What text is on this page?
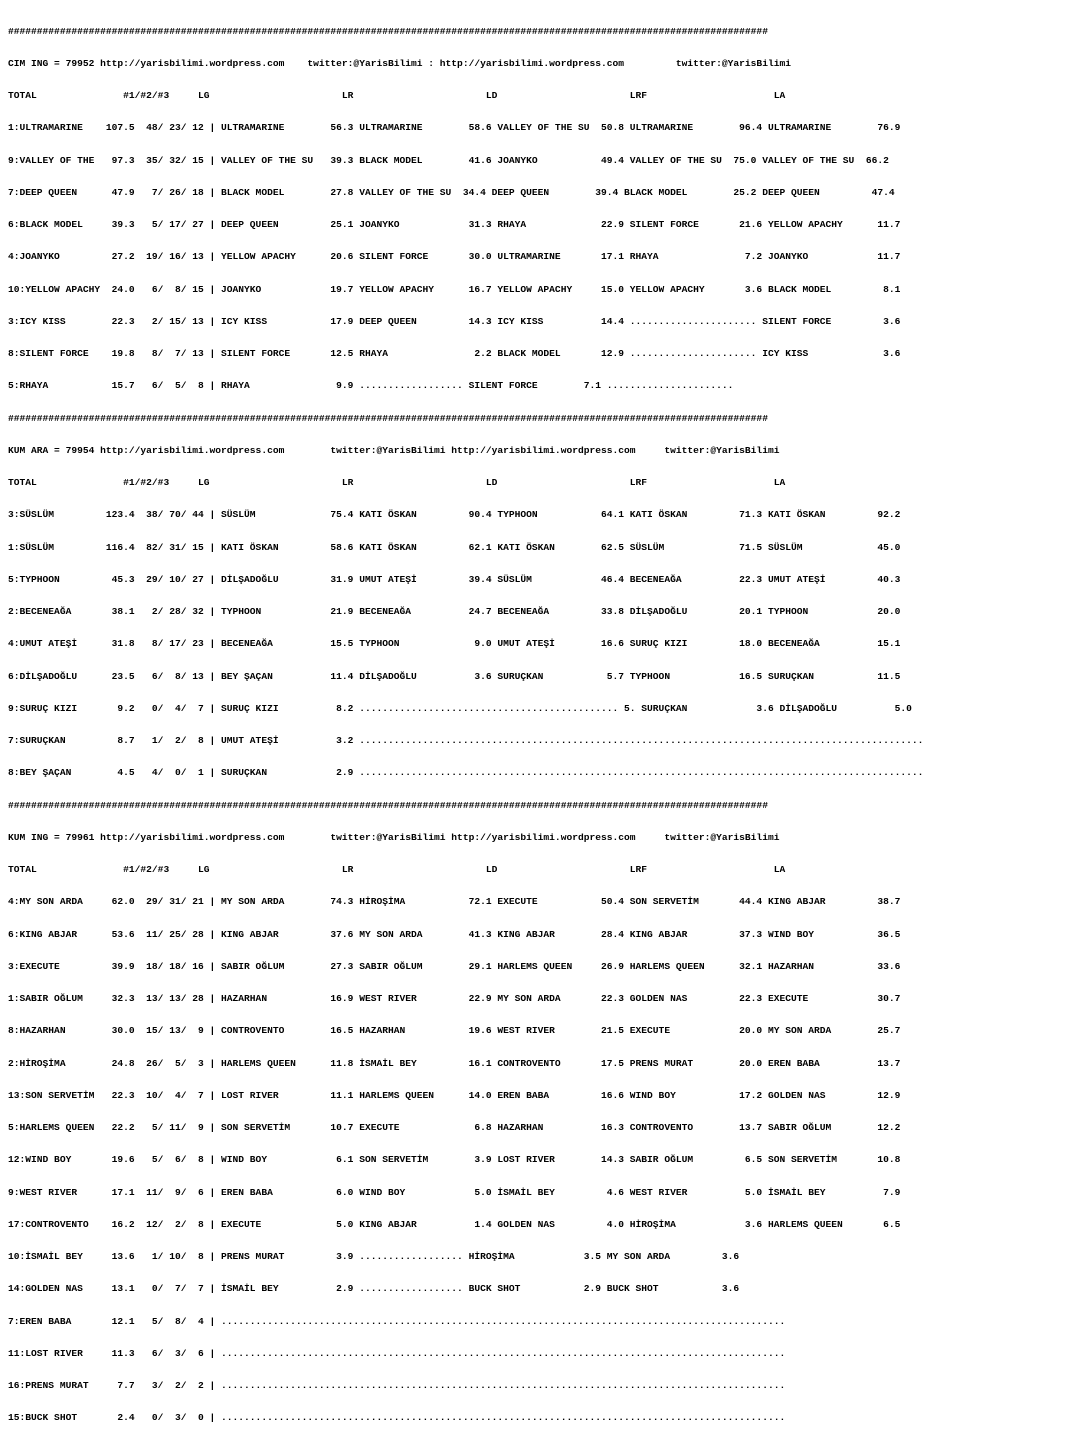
####################################################################################################################################

CIM ING = 79952 http://yarisbilimi.wordpress.com    twitter:@YarisBilimi : http://yarisbilimi.wordpress.com         twitter:@YarisBilimi

TOTAL               #1/#2/#3     LG                       LR                       LD                       LRF                      LA

1:ULTRAMARINE    107.5  48/ 23/ 12 | ULTRAMARINE        56.3 ULTRAMARINE        58.6 VALLEY OF THE SU  50.8 ULTRAMARINE        96.4 ULTRAMARINE        76.9

9:VALLEY OF THE   97.3  35/ 32/ 15 | VALLEY OF THE SU   39.3 BLACK MODEL        41.6 JOANYKO           49.4 VALLEY OF THE SU  75.0 VALLEY OF THE SU  66.2

7:DEEP QUEEN      47.9   7/ 26/ 18 | BLACK MODEL        27.8 VALLEY OF THE SU  34.4 DEEP QUEEN        39.4 BLACK MODEL        25.2 DEEP QUEEN         47.4

6:BLACK MODEL     39.3   5/ 17/ 27 | DEEP QUEEN         25.1 JOANYKO            31.3 RHAYA             22.9 SILENT FORCE       21.6 YELLOW APACHY      11.7

4:JOANYKO         27.2  19/ 16/ 13 | YELLOW APACHY      20.6 SILENT FORCE       30.0 ULTRAMARINE       17.1 RHAYA               7.2 JOANYKO            11.7

10:YELLOW APACHY  24.0   6/  8/ 15 | JOANYKO            19.7 YELLOW APACHY      16.7 YELLOW APACHY     15.0 YELLOW APACHY       3.6 BLACK MODEL         8.1

3:ICY KISS        22.3   2/ 15/ 13 | ICY KISS           17.9 DEEP QUEEN         14.3 ICY KISS          14.4 ...................... SILENT FORCE         3.6

8:SILENT FORCE    19.8   8/  7/ 13 | SILENT FORCE       12.5 RHAYA               2.2 BLACK MODEL       12.9 ...................... ICY KISS             3.6

5:RHAYA           15.7   6/  5/  8 | RHAYA               9.9 .................. SILENT FORCE        7.1 ......................

####################################################################################################################################

KUM ARA = 79954 http://yarisbilimi.wordpress.com        twitter:@YarisBilimi http://yarisbilimi.wordpress.com     twitter:@YarisBilimi

TOTAL               #1/#2/#3     LG                       LR                       LD                       LRF                      LA

3:SÜSLÜM         123.4  38/ 70/ 44 | SÜSLÜM             75.4 KATI ÖSKAN         90.4 TYPHOON           64.1 KATI ÖSKAN         71.3 KATI ÖSKAN         92.2

1:SÜSLÜM         116.4  82/ 31/ 15 | KATI ÖSKAN         58.6 KATI ÖSKAN         62.1 KATI ÖSKAN        62.5 SÜSLÜM             71.5 SÜSLÜM             45.0

5:TYPHOON         45.3  29/ 10/ 27 | DİLŞADOĞLU         31.9 UMUT ATEŞİ         39.4 SÜSLÜM            46.4 BECENEAĞA          22.3 UMUT ATEŞİ         40.3

2:BECENEAĞA       38.1   2/ 28/ 32 | TYPHOON            21.9 BECENEAĞA          24.7 BECENEAĞA         33.8 DİLŞADOĞLU         20.1 TYPHOON            20.0

4:UMUT ATEŞİ      31.8   8/ 17/ 23 | BECENEAĞA          15.5 TYPHOON             9.0 UMUT ATEŞİ        16.6 SURUÇ KIZI         18.0 BECENEAĞA          15.1

6:DİLŞADOĞLU      23.5   6/  8/ 13 | BEY ŞAÇAN          11.4 DİLŞADOĞLU          3.6 SURUÇKAN           5.7 TYPHOON            16.5 SURUÇKAN           11.5

9:SURUÇ KIZI       9.2   0/  4/  7 | SURUÇ KIZI          8.2 ............................................. 5. SURUÇKAN            3.6 DİLŞADOĞLU          5.0

7:SURUÇKAN         8.7   1/  2/  8 | UMUT ATEŞİ          3.2 ..................................................................................................

8:BEY ŞAÇAN        4.5   4/  0/  1 | SURUÇKAN            2.9 ..................................................................................................

####################################################################################################################################

KUM ING = 79961 http://yarisbilimi.wordpress.com        twitter:@YarisBilimi http://yarisbilimi.wordpress.com     twitter:@YarisBilimi

TOTAL               #1/#2/#3     LG                       LR                       LD                       LRF                      LA

4:MY SON ARDA     62.0  29/ 31/ 21 | MY SON ARDA        74.3 HİROŞİMA           72.1 EXECUTE           50.4 SON SERVETİM       44.4 KING ABJAR         38.7

6:KING ABJAR      53.6  11/ 25/ 28 | KING ABJAR         37.6 MY SON ARDA        41.3 KING ABJAR        28.4 KING ABJAR         37.3 WIND BOY           36.5

3:EXECUTE         39.9  18/ 18/ 16 | SABIR OĞLUM        27.3 SABIR OĞLUM        29.1 HARLEMS QUEEN     26.9 HARLEMS QUEEN      32.1 HAZARHAN           33.6

1:SABIR OĞLUM     32.3  13/ 13/ 28 | HAZARHAN           16.9 WEST RIVER         22.9 MY SON ARDA       22.3 GOLDEN NAS         22.3 EXECUTE            30.7

8:HAZARHAN        30.0  15/ 13/  9 | CONTROVENTO        16.5 HAZARHAN           19.6 WEST RIVER        21.5 EXECUTE            20.0 MY SON ARDA        25.7

2:HİROŞİMA        24.8  26/  5/  3 | HARLEMS QUEEN      11.8 İSMAİL BEY         16.1 CONTROVENTO       17.5 PRENS MURAT        20.0 EREN BABA          13.7

13:SON SERVETİM   22.3  10/  4/  7 | LOST RIVER         11.1 HARLEMS QUEEN      14.0 EREN BABA         16.6 WIND BOY           17.2 GOLDEN NAS         12.9

5:HARLEMS QUEEN   22.2   5/ 11/  9 | SON SERVETİM       10.7 EXECUTE             6.8 HAZARHAN          16.3 CONTROVENTO        13.7 SABIR OĞLUM        12.2

12:WIND BOY       19.6   5/  6/  8 | WIND BOY            6.1 SON SERVETİM        3.9 LOST RIVER        14.3 SABIR OĞLUM         6.5 SON SERVETİM       10.8

9:WEST RIVER      17.1  11/  9/  6 | EREN BABA           6.0 WIND BOY            5.0 İSMAİL BEY         4.6 WEST RIVER          5.0 İSMAİL BEY          7.9

17:CONTROVENTO    16.2  12/  2/  8 | EXECUTE             5.0 KING ABJAR          1.4 GOLDEN NAS         4.0 HİROŞİMA            3.6 HARLEMS QUEEN       6.5

10:İSMAİL BEY     13.6   1/ 10/  8 | PRENS MURAT         3.9 .................. HİROŞİMA            3.5 MY SON ARDA         3.6

14:GOLDEN NAS     13.1   0/  7/  7 | İSMAİL BEY          2.9 .................. BUCK SHOT           2.9 BUCK SHOT           3.6

7:EREN BABA       12.1   5/  8/  4 | ..................................................................................................

11:LOST RIVER     11.3   6/  3/  6 | ..................................................................................................

16:PRENS MURAT     7.7   3/  2/  2 | ..................................................................................................

15:BUCK SHOT       2.4   0/  3/  0 | ..................................................................................................
